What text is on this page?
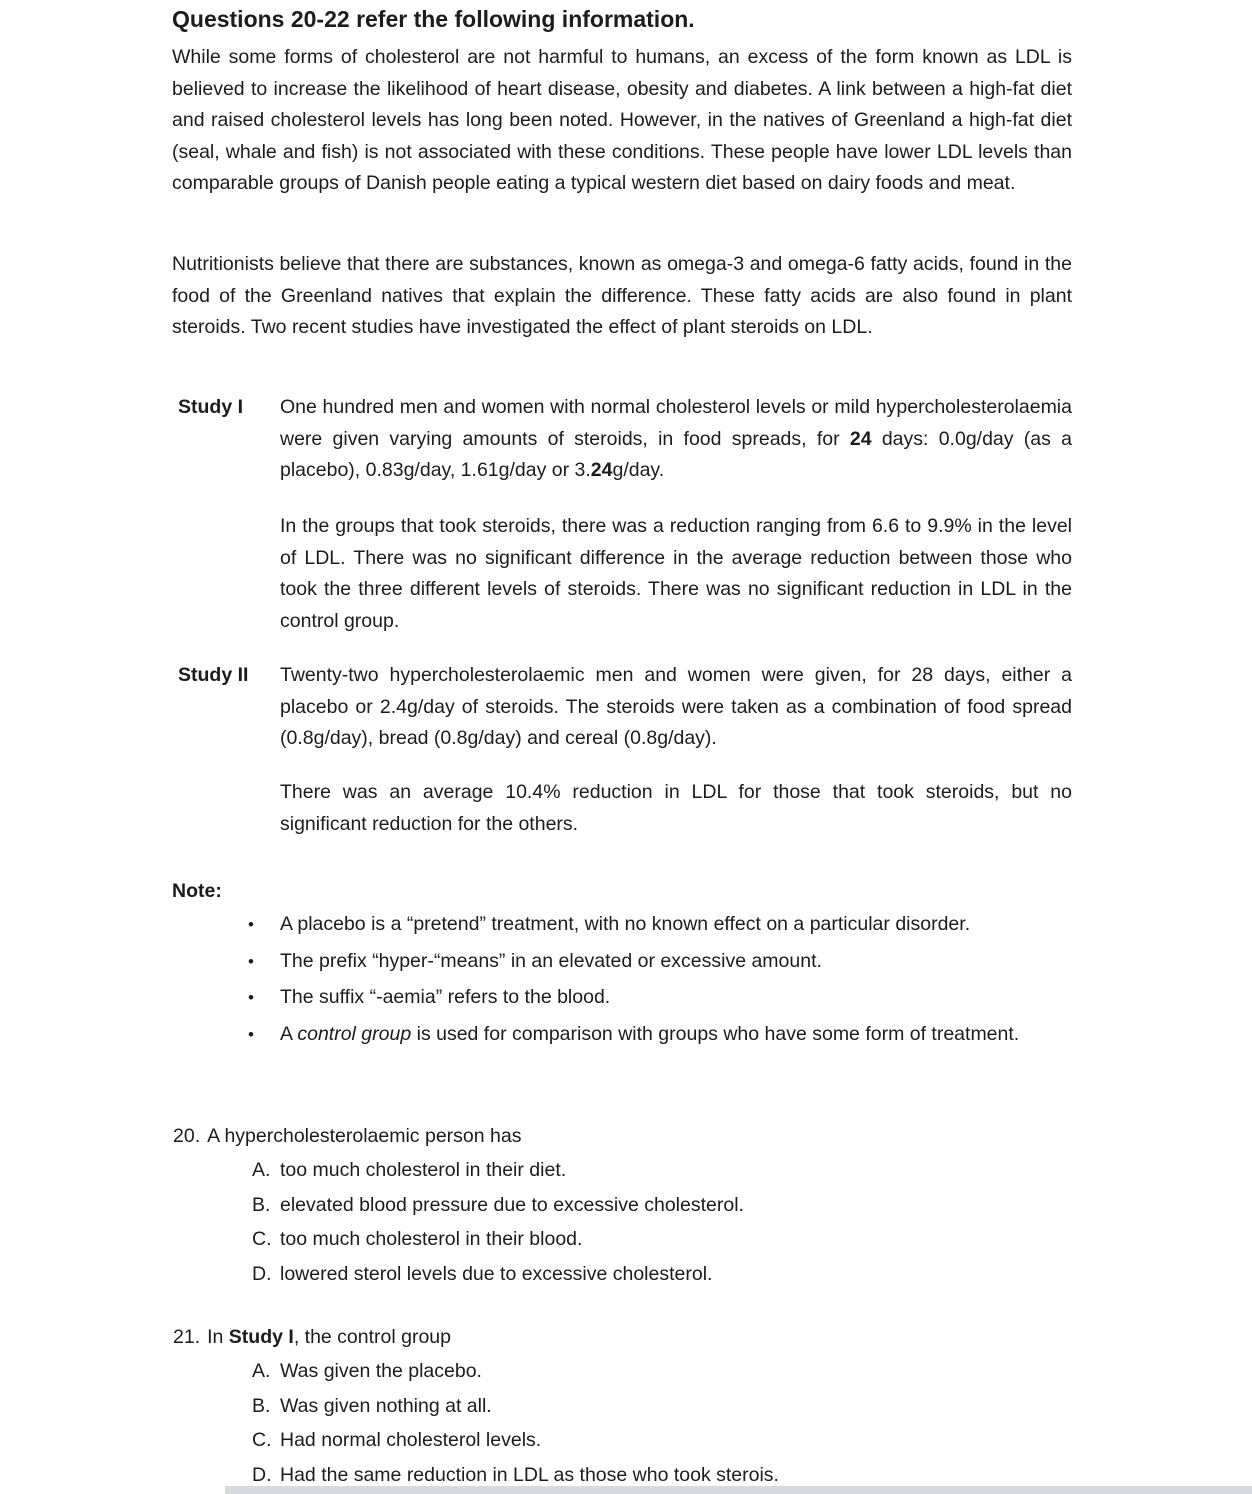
Questions 20-22 refer the following information.
While some forms of cholesterol are not harmful to humans, an excess of the form known as LDL is believed to increase the likelihood of heart disease, obesity and diabetes. A link between a high-fat diet and raised cholesterol levels has long been noted. However, in the natives of Greenland a high-fat diet (seal, whale and fish) is not associated with these conditions. These people have lower LDL levels than comparable groups of Danish people eating a typical western diet based on dairy foods and meat.
Nutritionists believe that there are substances, known as omega-3 and omega-6 fatty acids, found in the food of the Greenland natives that explain the difference. These fatty acids are also found in plant steroids. Two recent studies have investigated the effect of plant steroids on LDL.
Study I	One hundred men and women with normal cholesterol levels or mild hypercholesterolaemia were given varying amounts of steroids, in food spreads, for 24 days: 0.0g/day (as a placebo), 0.83g/day, 1.61g/day or 3.24g/day.
In the groups that took steroids, there was a reduction ranging from 6.6 to 9.9% in the level of LDL. There was no significant difference in the average reduction between those who took the three different levels of steroids. There was no significant reduction in LDL in the control group.
Study II	Twenty-two hypercholesterolaemic men and women were given, for 28 days, either a placebo or 2.4g/day of steroids. The steroids were taken as a combination of food spread (0.8g/day), bread (0.8g/day) and cereal (0.8g/day).
There was an average 10.4% reduction in LDL for those that took steroids, but no significant reduction for the others.
Note:
•	A placebo is a “pretend” treatment, with no known effect on a particular disorder.
•	The prefix “hyper-“means” in an elevated or excessive amount.
•	The suffix “-aemia” refers to the blood.
•	A control group is used for comparison with groups who have some form of treatment.
20. A hypercholesterolaemic person has
A. too much cholesterol in their diet.
B. elevated blood pressure due to excessive cholesterol.
C. too much cholesterol in their blood.
D. lowered sterol levels due to excessive cholesterol.
21. In Study I, the control group
A. Was given the placebo.
B. Was given nothing at all.
C. Had normal cholesterol levels.
D. Had the same reduction in LDL as those who took sterois.
